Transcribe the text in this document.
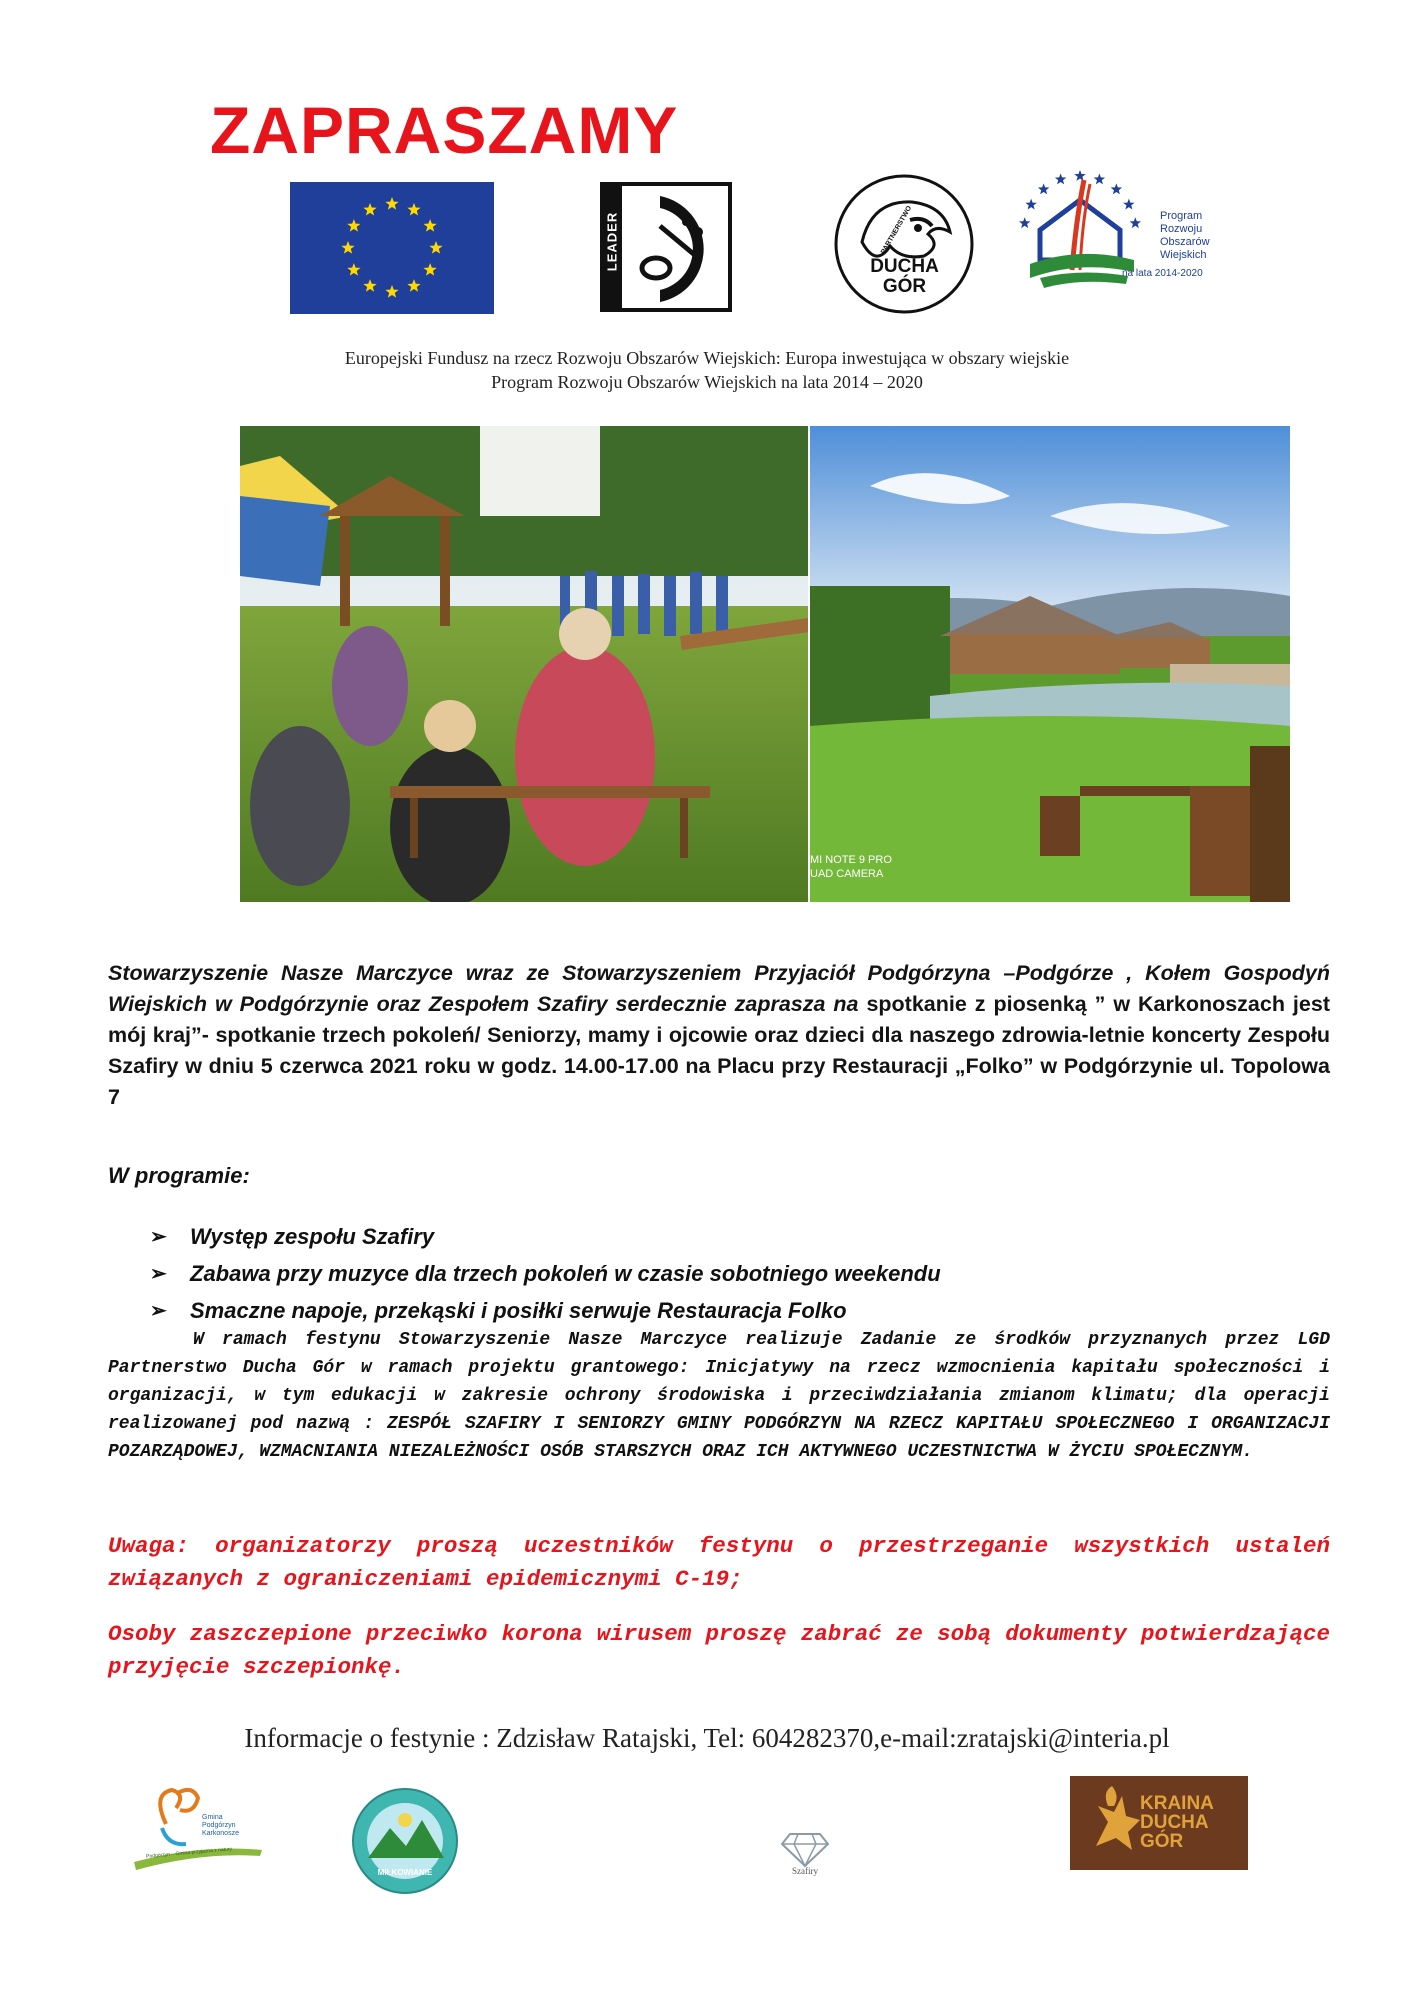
ZAPRASZAMY
LEADER	PARTNERSTWO
DUCHA
GÓR
Program
Rozwoju
Obszarów
Wiejskich
na lata 2014-2020
Europejski Fundusz na rzecz Rozwoju Obszarów Wiejskich: Europa inwestująca w obszary wiejskie
Program Rozwoju Obszarów Wiejskich na lata 2014 – 2020
MI NOTE 9 PRO
UAD CAMERA
Stowarzyszenie Nasze Marczyce wraz ze Stowarzyszeniem Przyjaciół Podgórzyna –Podgórze , Kołem Gospodyń Wiejskich w Podgórzynie oraz Zespołem Szafiry serdecznie zaprasza na spotkanie z piosenką ” w Karkonoszach jest mój kraj”- spotkanie trzech pokoleń/ Seniorzy, mamy i ojcowie oraz dzieci dla naszego zdrowia-letnie koncerty Zespołu Szafiry w dniu 5 czerwca 2021 roku w godz. 14.00-17.00 na Placu przy Restauracji „Folko” w Podgórzynie ul. Topolowa 7
W programie:
➢	Występ zespołu Szafiry
➢	Zabawa przy muzyce dla trzech pokoleń w czasie sobotniego weekendu
➢	Smaczne napoje, przekąski i posiłki serwuje Restauracja Folko

W ramach festynu Stowarzyszenie Nasze Marczyce realizuje Zadanie ze środków przyznanych przez LGD Partnerstwo Ducha Gór w ramach projektu grantowego: Inicjatywy na rzecz wzmocnienia kapitału społeczności i organizacji, w tym edukacji w zakresie ochrony środowiska i przeciwdziałania zmianom klimatu; dla operacji realizowanej pod nazwą : ZESPÓŁ SZAFIRY I SENIORZY GMINY PODGÓRZYN NA RZECZ KAPITAŁU SPOŁECZNEGO I ORGANIZACJI POZARZĄDOWEJ, WZMACNIANIA NIEZALEŻNOŚCI OSÓB STARSZYCH ORAZ ICH AKTYWNEGO UCZESTNICTWA W ŻYCIU SPOŁECZNYM.

Uwaga: organizatorzy proszą uczestników festynu o przestrzeganie wszystkich ustaleń związanych z ograniczeniami epidemicznymi C-19;

Osoby zaszczepione przeciwko korona wirusem proszę zabrać ze sobą dokumenty potwierdzające przyjęcie szczepionkę.

Informacje o festynie : Zdzisław Ratajski, Tel: 604282370,e-mail:zratajski@interia.pl
Gmina
Podgórzyn
Karkonosze
Podgórzyn – Gmina przyjazna z natury
MIŁKOWIANIE	Szafiry
KRAINA
DUCHA
GÓR
